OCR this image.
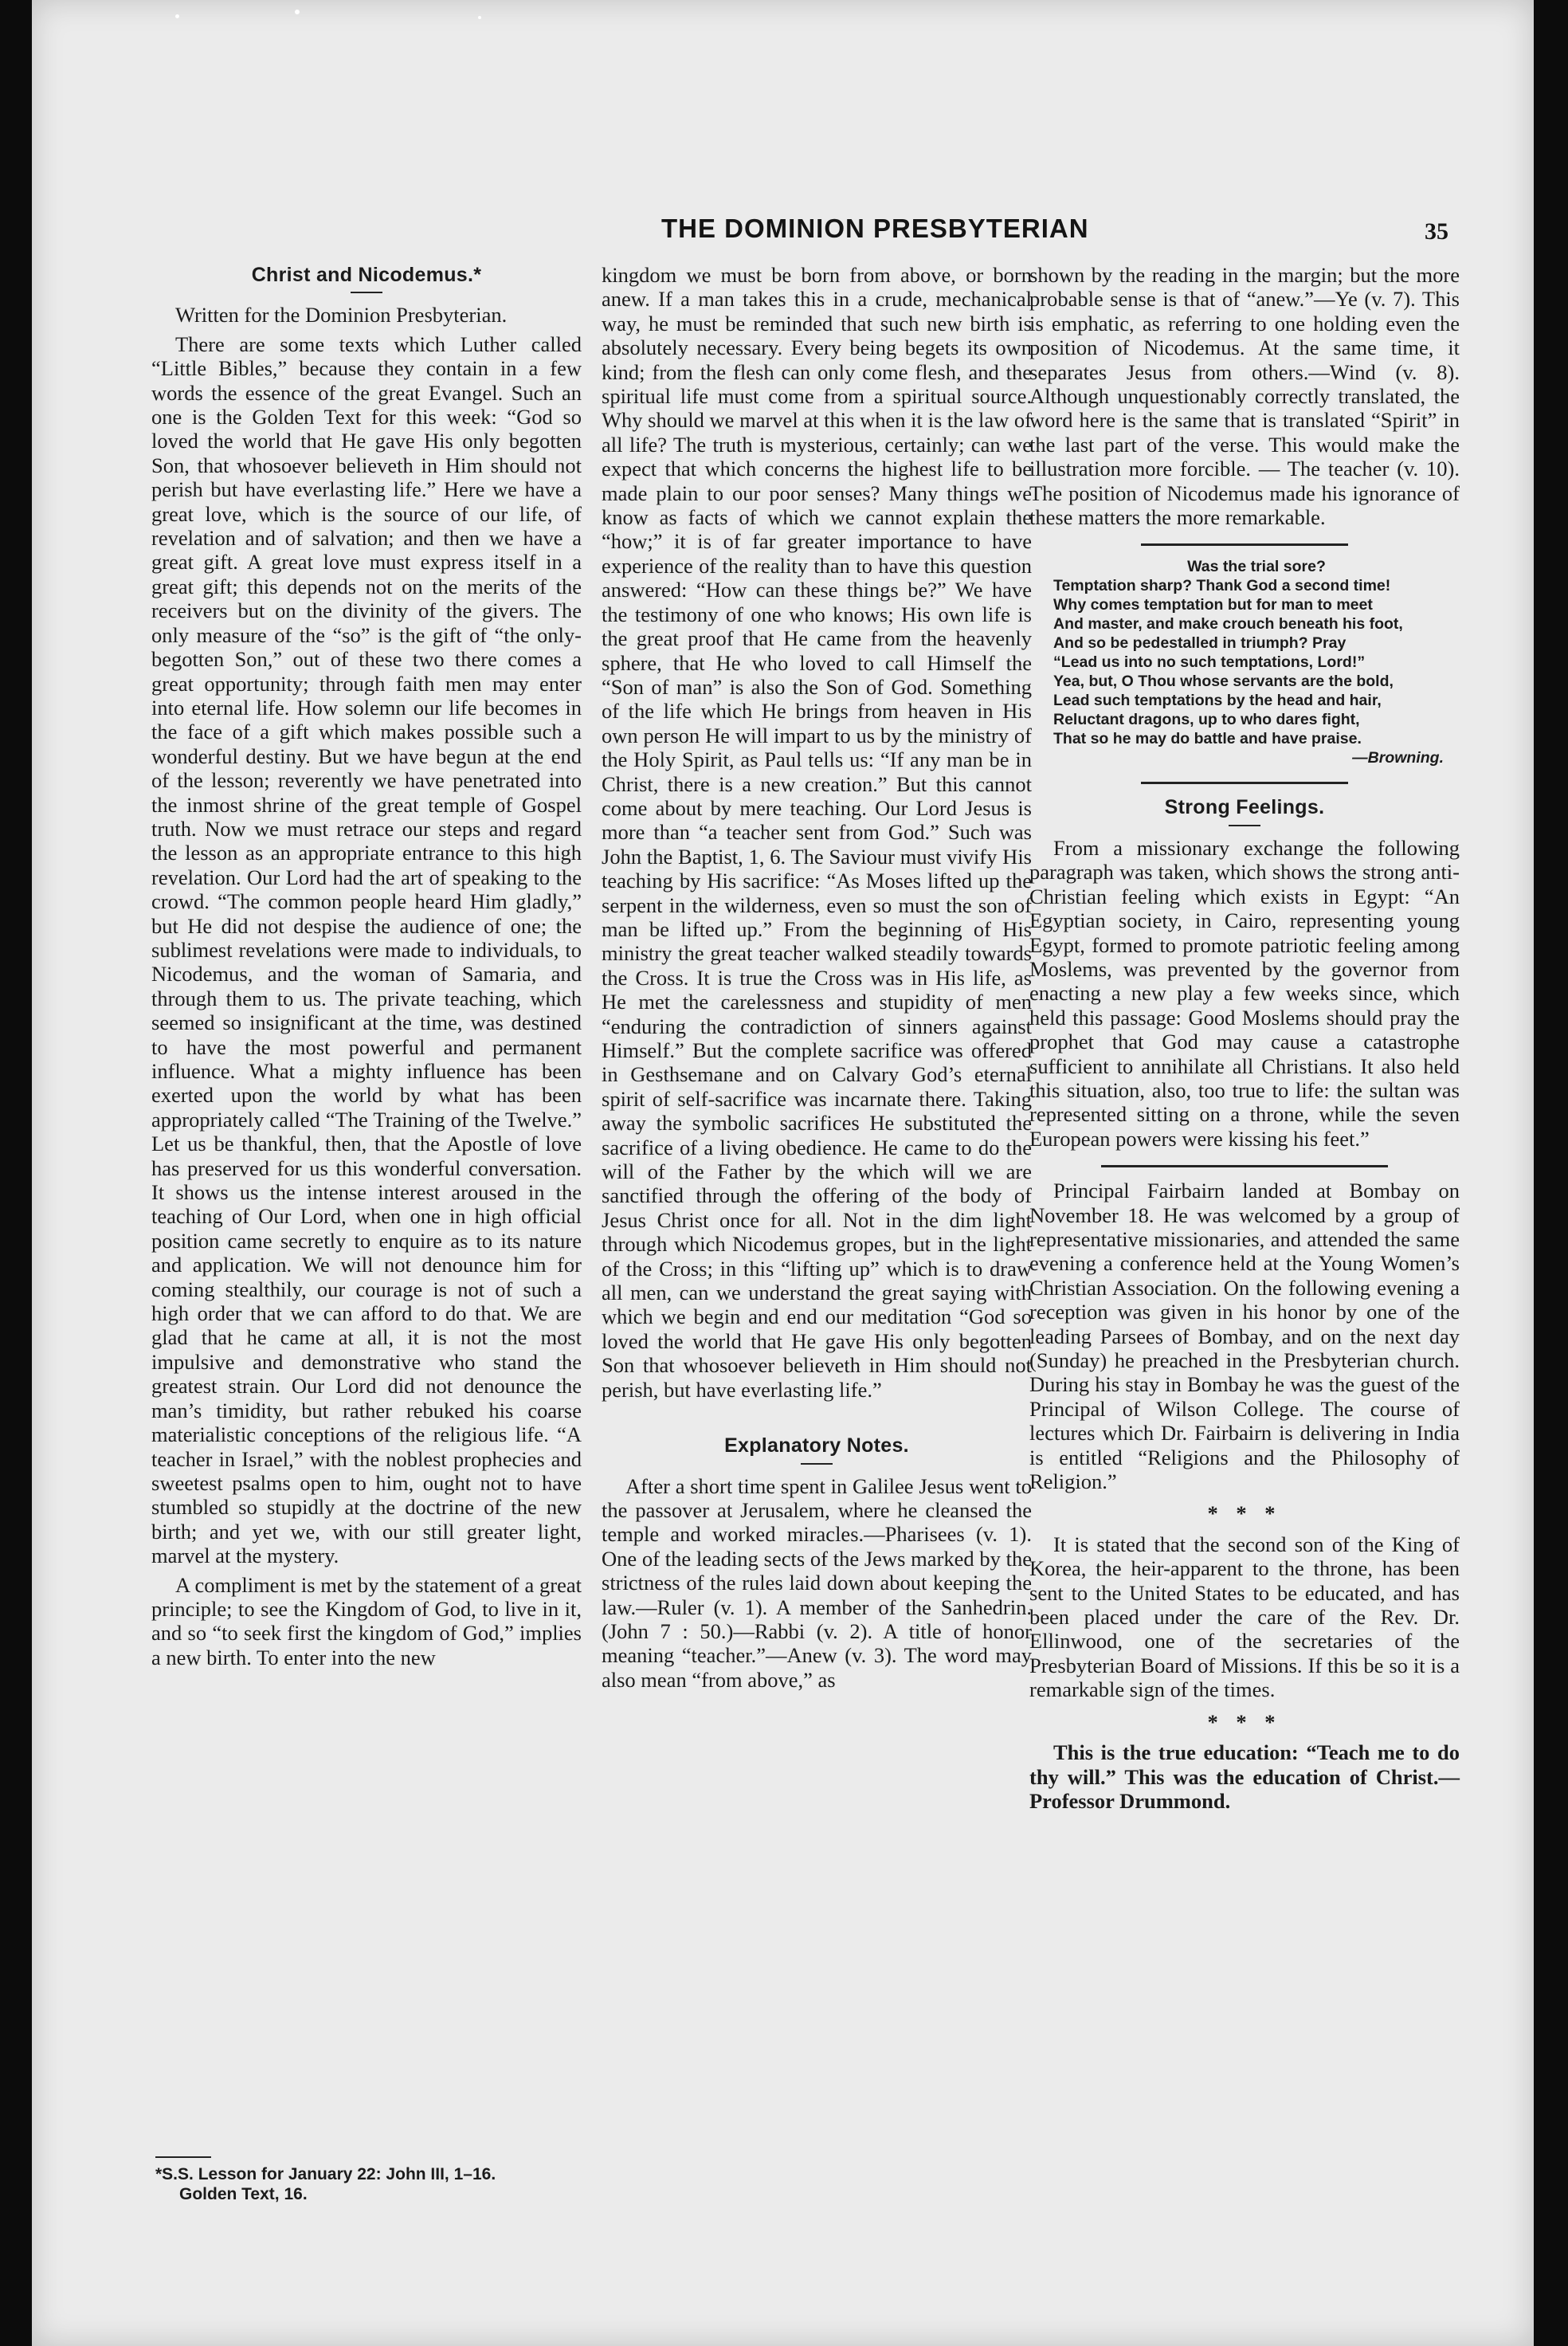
THE DOMINION PRESBYTERIAN	35
Christ and Nicodemus.*

Written for the Dominion Presbyterian.

There are some texts which Luther called “Little Bibles,” because they contain in a few words the essence of the great Evangel. Such an one is the Golden Text for this week: “God so loved the world that He gave His only begotten Son, that whosoever believeth in Him should not perish but have everlasting life.” Here we have a great love, which is the source of our life, of revelation and of salvation; and then we have a great gift. A great love must express itself in a great gift; this depends not on the merits of the receivers but on the divinity of the givers. The only measure of the “so” is the gift of “the only-begotten Son,” out of these two there comes a great opportunity; through faith men may enter into eternal life. How solemn our life becomes in the face of a gift which makes possible such a wonderful destiny. But we have begun at the end of the lesson; reverently we have penetrated into the inmost shrine of the great temple of Gospel truth. Now we must retrace our steps and regard the lesson as an appropriate entrance to this high revelation. Our Lord had the art of speaking to the crowd. “The common people heard Him gladly,” but He did not despise the audience of one; the sublimest revelations were made to individuals, to Nicodemus, and the woman of Samaria, and through them to us. The private teaching, which seemed so insignificant at the time, was destined to have the most powerful and permanent influence. What a mighty influence has been exerted upon the world by what has been appropriately called “The Training of the Twelve.” Let us be thankful, then, that the Apostle of love has preserved for us this wonderful conversation. It shows us the intense interest aroused in the teaching of Our Lord, when one in high official position came secretly to enquire as to its nature and application. We will not denounce him for coming stealthily, our courage is not of such a high order that we can afford to do that. We are glad that he came at all, it is not the most impulsive and demonstrative who stand the greatest strain. Our Lord did not denounce the man’s timidity, but rather rebuked his coarse materialistic conceptions of the religious life. “A teacher in Israel,” with the noblest prophecies and sweetest psalms open to him, ought not to have stumbled so stupidly at the doctrine of the new birth; and yet we, with our still greater light, marvel at the mystery.

A compliment is met by the statement of a great principle; to see the Kingdom of God, to live in it, and so “to seek first the kingdom of God,” implies a new birth. To enter into the new

*S.S. Lesson for January 22: John III, 1–16.
Golden Text, 16.

kingdom we must be born from above, or born anew. If a man takes this in a crude, mechanical way, he must be reminded that such new birth is absolutely necessary. Every being begets its own kind; from the flesh can only come flesh, and the spiritual life must come from a spiritual source. Why should we marvel at this when it is the law of all life? The truth is mysterious, certainly; can we expect that which concerns the highest life to be made plain to our poor senses? Many things we know as facts of which we cannot explain the “how;” it is of far greater importance to have experience of the reality than to have this question answered: “How can these things be?” We have the testimony of one who knows; His own life is the great proof that He came from the heavenly sphere, that He who loved to call Himself the “Son of man” is also the Son of God. Something of the life which He brings from heaven in His own person He will impart to us by the ministry of the Holy Spirit, as Paul tells us: “If any man be in Christ, there is a new creation.” But this cannot come about by mere teaching. Our Lord Jesus is more than “a teacher sent from God.” Such was John the Baptist, 1, 6. The Saviour must vivify His teaching by His sacrifice: “As Moses lifted up the serpent in the wilderness, even so must the son of man be lifted up.” From the beginning of His ministry the great teacher walked steadily towards the Cross. It is true the Cross was in His life, as He met the carelessness and stupidity of men “enduring the contradiction of sinners against Himself.” But the complete sacrifice was offered in Gesthsemane and on Calvary God’s eternal spirit of self-sacrifice was incarnate there. Taking away the symbolic sacrifices He substituted the sacrifice of a living obedience. He came to do the will of the Father by the which will we are sanctified through the offering of the body of Jesus Christ once for all. Not in the dim light through which Nicodemus gropes, but in the light of the Cross; in this “lifting up” which is to draw all men, can we understand the great saying with which we begin and end our meditation “God so loved the world that He gave His only begotten Son that whosoever believeth in Him should not perish, but have everlasting life.”

Explanatory Notes.

After a short time spent in Galilee Jesus went to the passover at Jerusalem, where he cleansed the temple and worked miracles.—Pharisees (v. 1). One of the leading sects of the Jews marked by the strictness of the rules laid down about keeping the law.—Ruler (v. 1). A member of the Sanhedrin. (John 7 : 50.)—Rabbi (v. 2). A title of honor meaning “teacher.”—Anew (v. 3). The word may also mean “from above,” as

shown by the reading in the margin; but the more probable sense is that of “anew.”—Ye (v. 7). This is emphatic, as referring to one holding even the position of Nicodemus. At the same time, it separates Jesus from others.—Wind (v. 8). Although unquestionably correctly translated, the word here is the same that is translated “Spirit” in the last part of the verse. This would make the illustration more forcible. — The teacher (v. 10). The position of Nicodemus made his ignorance of these matters the more remarkable.

Was the trial sore?
Temptation sharp? Thank God a second time!
Why comes temptation but for man to meet
And master, and make crouch beneath his foot,
And so be pedestalled in triumph? Pray
“Lead us into no such temptations, Lord!”
Yea, but, O Thou whose servants are the bold,
Lead such temptations by the head and hair,
Reluctant dragons, up to who dares fight,
That so he may do battle and have praise.
—Browning.
Strong Feelings.

From a missionary exchange the following paragraph was taken, which shows the strong anti-Christian feeling which exists in Egypt: “An Egyptian society, in Cairo, representing young Egypt, formed to promote patriotic feeling among Moslems, was prevented by the governor from enacting a new play a few weeks since, which held this passage: Good Moslems should pray the prophet that God may cause a catastrophe sufficient to annihilate all Christians. It also held this situation, also, too true to life: the sultan was represented sitting on a throne, while the seven European powers were kissing his feet.”

Principal Fairbairn landed at Bombay on November 18. He was welcomed by a group of representative missionaries, and attended the same evening a conference held at the Young Women’s Christian Association. On the following evening a reception was given in his honor by one of the leading Parsees of Bombay, and on the next day (Sunday) he preached in the Presbyterian church. During his stay in Bombay he was the guest of the Principal of Wilson College. The course of lectures which Dr. Fairbairn is delivering in India is entitled “Religions and the Philosophy of Religion.”

* * *

It is stated that the second son of the King of Korea, the heir-apparent to the throne, has been sent to the United States to be educated, and has been placed under the care of the Rev. Dr. Ellinwood, one of the secretaries of the Presbyterian Board of Missions. If this be so it is a remarkable sign of the times.

* * *

This is the true education: “Teach me to do thy will.” This was the education of Christ.—Professor Drummond.
